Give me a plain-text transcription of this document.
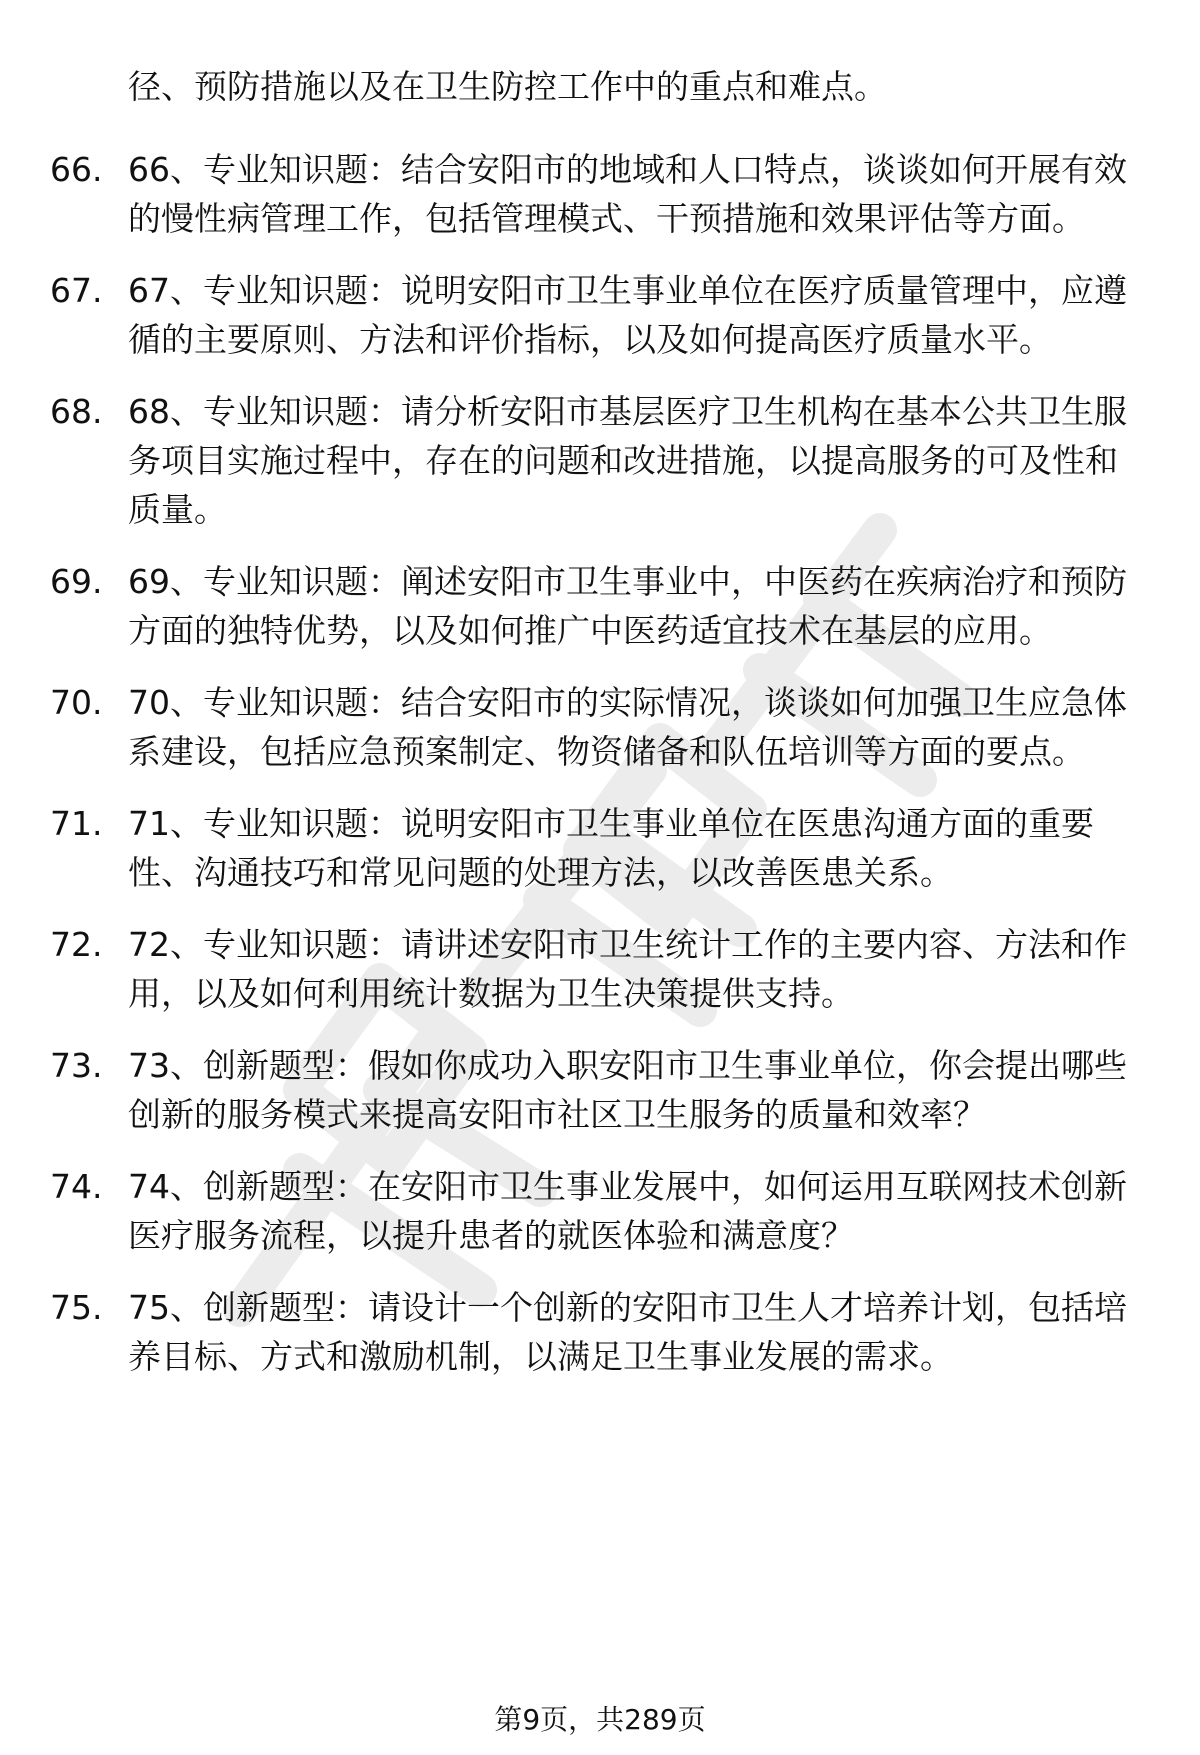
径、预防措施以及在卫生防控工作中的重点和难点。
66. 66、专业知识题：结合安阳市的地域和人口特点，谈谈如何开展有效的慢性病管理工作，包括管理模式、干预措施和效果评估等方面。
67. 67、专业知识题：说明安阳市卫生事业单位在医疗质量管理中，应遵循的主要原则、方法和评价指标，以及如何提高医疗质量水平。
68. 68、专业知识题：请分析安阳市基层医疗卫生机构在基本公共卫生服务项目实施过程中，存在的问题和改进措施，以提高服务的可及性和质量。
69. 69、专业知识题：阐述安阳市卫生事业中，中医药在疾病治疗和预防方面的独特优势，以及如何推广中医药适宜技术在基层的应用。
70. 70、专业知识题：结合安阳市的实际情况，谈谈如何加强卫生应急体系建设，包括应急预案制定、物资储备和队伍培训等方面的要点。
71. 71、专业知识题：说明安阳市卫生事业单位在医患沟通方面的重要性、沟通技巧和常见问题的处理方法，以改善医患关系。
72. 72、专业知识题：请讲述安阳市卫生统计工作的主要内容、方法和作用，以及如何利用统计数据为卫生决策提供支持。
73. 73、创新题型：假如你成功入职安阳市卫生事业单位，你会提出哪些创新的服务模式来提高安阳市社区卫生服务的质量和效率？
74. 74、创新题型：在安阳市卫生事业发展中，如何运用互联网技术创新医疗服务流程，以提升患者的就医体验和满意度？
75. 75、创新题型：请设计一个创新的安阳市卫生人才培养计划，包括培养目标、方式和激励机制，以满足卫生事业发展的需求。
第9页，共289页
